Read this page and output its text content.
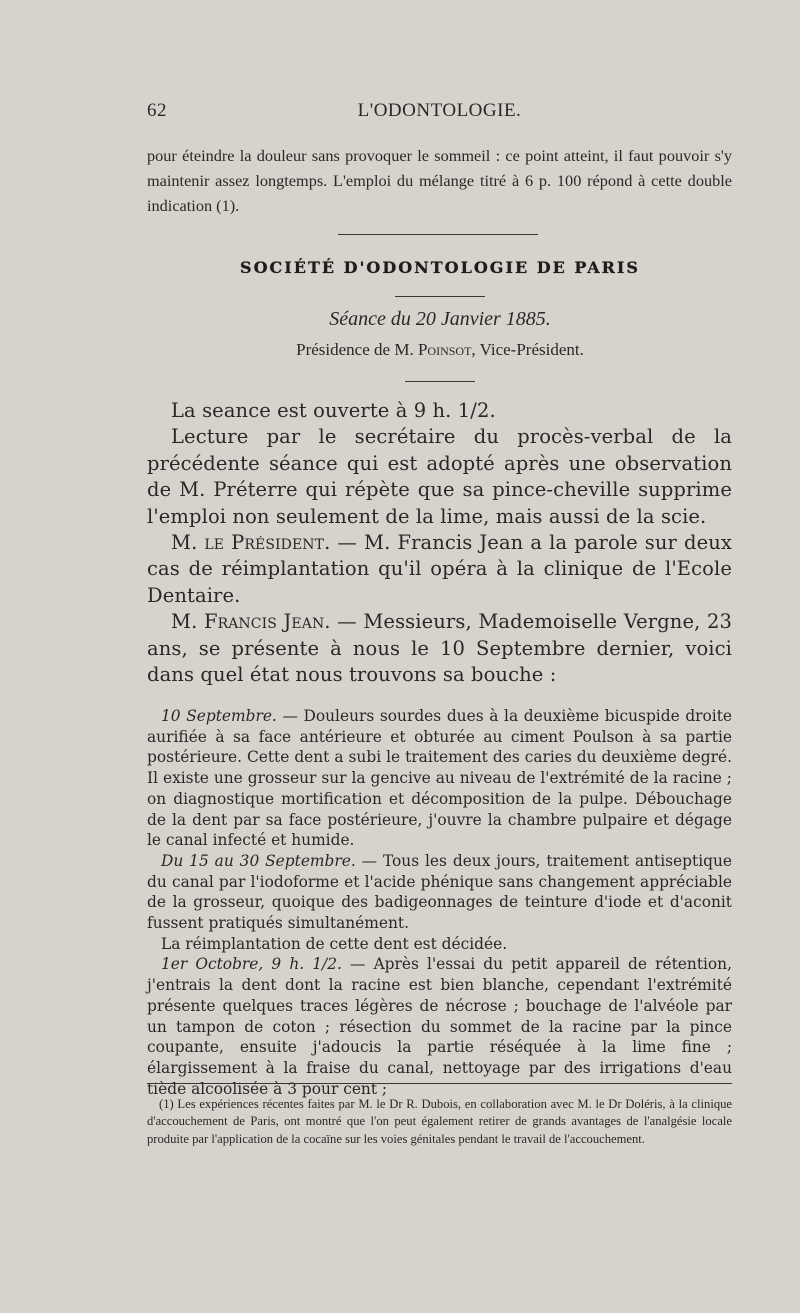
62	L'ODONTOLOGIE.

pour éteindre la douleur sans provoquer le sommeil : ce point atteint, il faut pouvoir s'y maintenir assez longtemps. L'emploi du mélange titré à 6 p. 100 répond à cette double indication (1).

SOCIÉTÉ D'ODONTOLOGIE DE PARIS
Séance du 20 Janvier 1885.
Présidence de M. Poinsot, Vice-Président.

La seance est ouverte à 9 h. 1/2.

Lecture par le secrétaire du procès-verbal de la précédente séance qui est adopté après une observation de M. Préterre qui répète que sa pince-cheville supprime l'emploi non seulement de la lime, mais aussi de la scie.

M. le Président. — M. Francis Jean a la parole sur deux cas de réimplantation qu'il opéra à la clinique de l'Ecole Dentaire.

M. Francis Jean. — Messieurs, Mademoiselle Vergne, 23 ans, se présente à nous le 10 Septembre dernier, voici dans quel état nous trouvons sa bouche :

10 Septembre. — Douleurs sourdes dues à la deuxième bicuspide droite aurifiée à sa face antérieure et obturée au ciment Poulson à sa partie postérieure. Cette dent a subi le traitement des caries du deuxième degré. Il existe une grosseur sur la gencive au niveau de l'extrémité de la racine ; on diagnostique mortification et décomposition de la pulpe. Débouchage de la dent par sa face postérieure, j'ouvre la chambre pulpaire et dégage le canal infecté et humide.

Du 15 au 30 Septembre. — Tous les deux jours, traitement antiseptique du canal par l'iodoforme et l'acide phénique sans changement appréciable de la grosseur, quoique des badigeonnages de teinture d'iode et d'aconit fussent pratiqués simultanément.

La réimplantation de cette dent est décidée.

1er Octobre, 9 h. 1/2. — Après l'essai du petit appareil de rétention, j'entrais la dent dont la racine est bien blanche, cependant l'extrémité présente quelques traces légères de nécrose ; bouchage de l'alvéole par un tampon de coton ; résection du sommet de la racine par la pince coupante, ensuite j'adoucis la partie réséquée à la lime fine ; élargissement à la fraise du canal, nettoyage par des irrigations d'eau tiède alcoolisée à 3 pour cent ;

(1) Les expériences récentes faites par M. le Dr R. Dubois, en collaboration avec M. le Dr Doléris, à la clinique d'accouchement de Paris, ont montré que l'on peut également retirer de grands avantages de l'analgésie locale produite par l'application de la cocaïne sur les voies génitales pendant le travail de l'accouchement.
